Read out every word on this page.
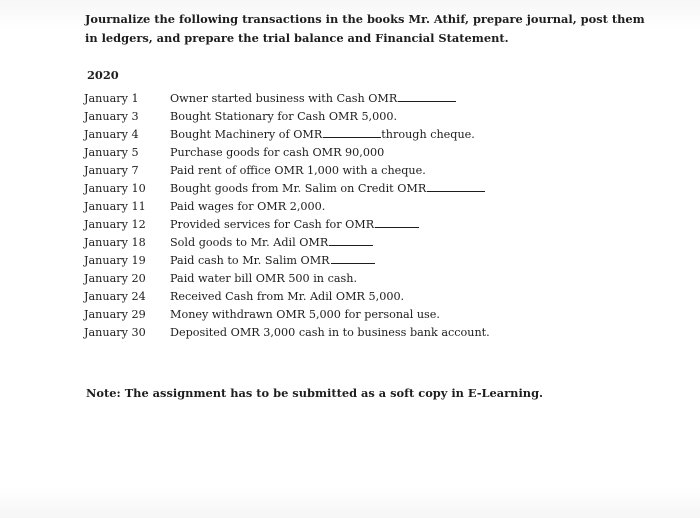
Journalize the following transactions in the books Mr. Athif, prepare journal, post them in ledgers, and prepare the trial balance and Financial Statement.
2020
January 1	Owner started business with Cash OMR
January 3	Bought Stationary for Cash OMR 5,000.
January 4	Bought Machinery of OMR	through cheque.
January 5	Purchase goods for cash OMR 90,000
January 7	Paid rent of office OMR 1,000 with a cheque.
January 10	Bought goods from Mr. Salim on Credit OMR
January 11	Paid wages for OMR 2,000.
January 12	Provided services for Cash for OMR
January 18	Sold goods to Mr. Adil OMR
January 19	Paid cash to Mr. Salim OMR
January 20	Paid water bill OMR 500 in cash.
January 24	Received Cash from Mr. Adil OMR 5,000.
January 29	Money withdrawn OMR 5,000 for personal use.
January 30	Deposited OMR 3,000 cash in to business bank account.
Note: The assignment has to be submitted as a soft copy in E-Learning.
